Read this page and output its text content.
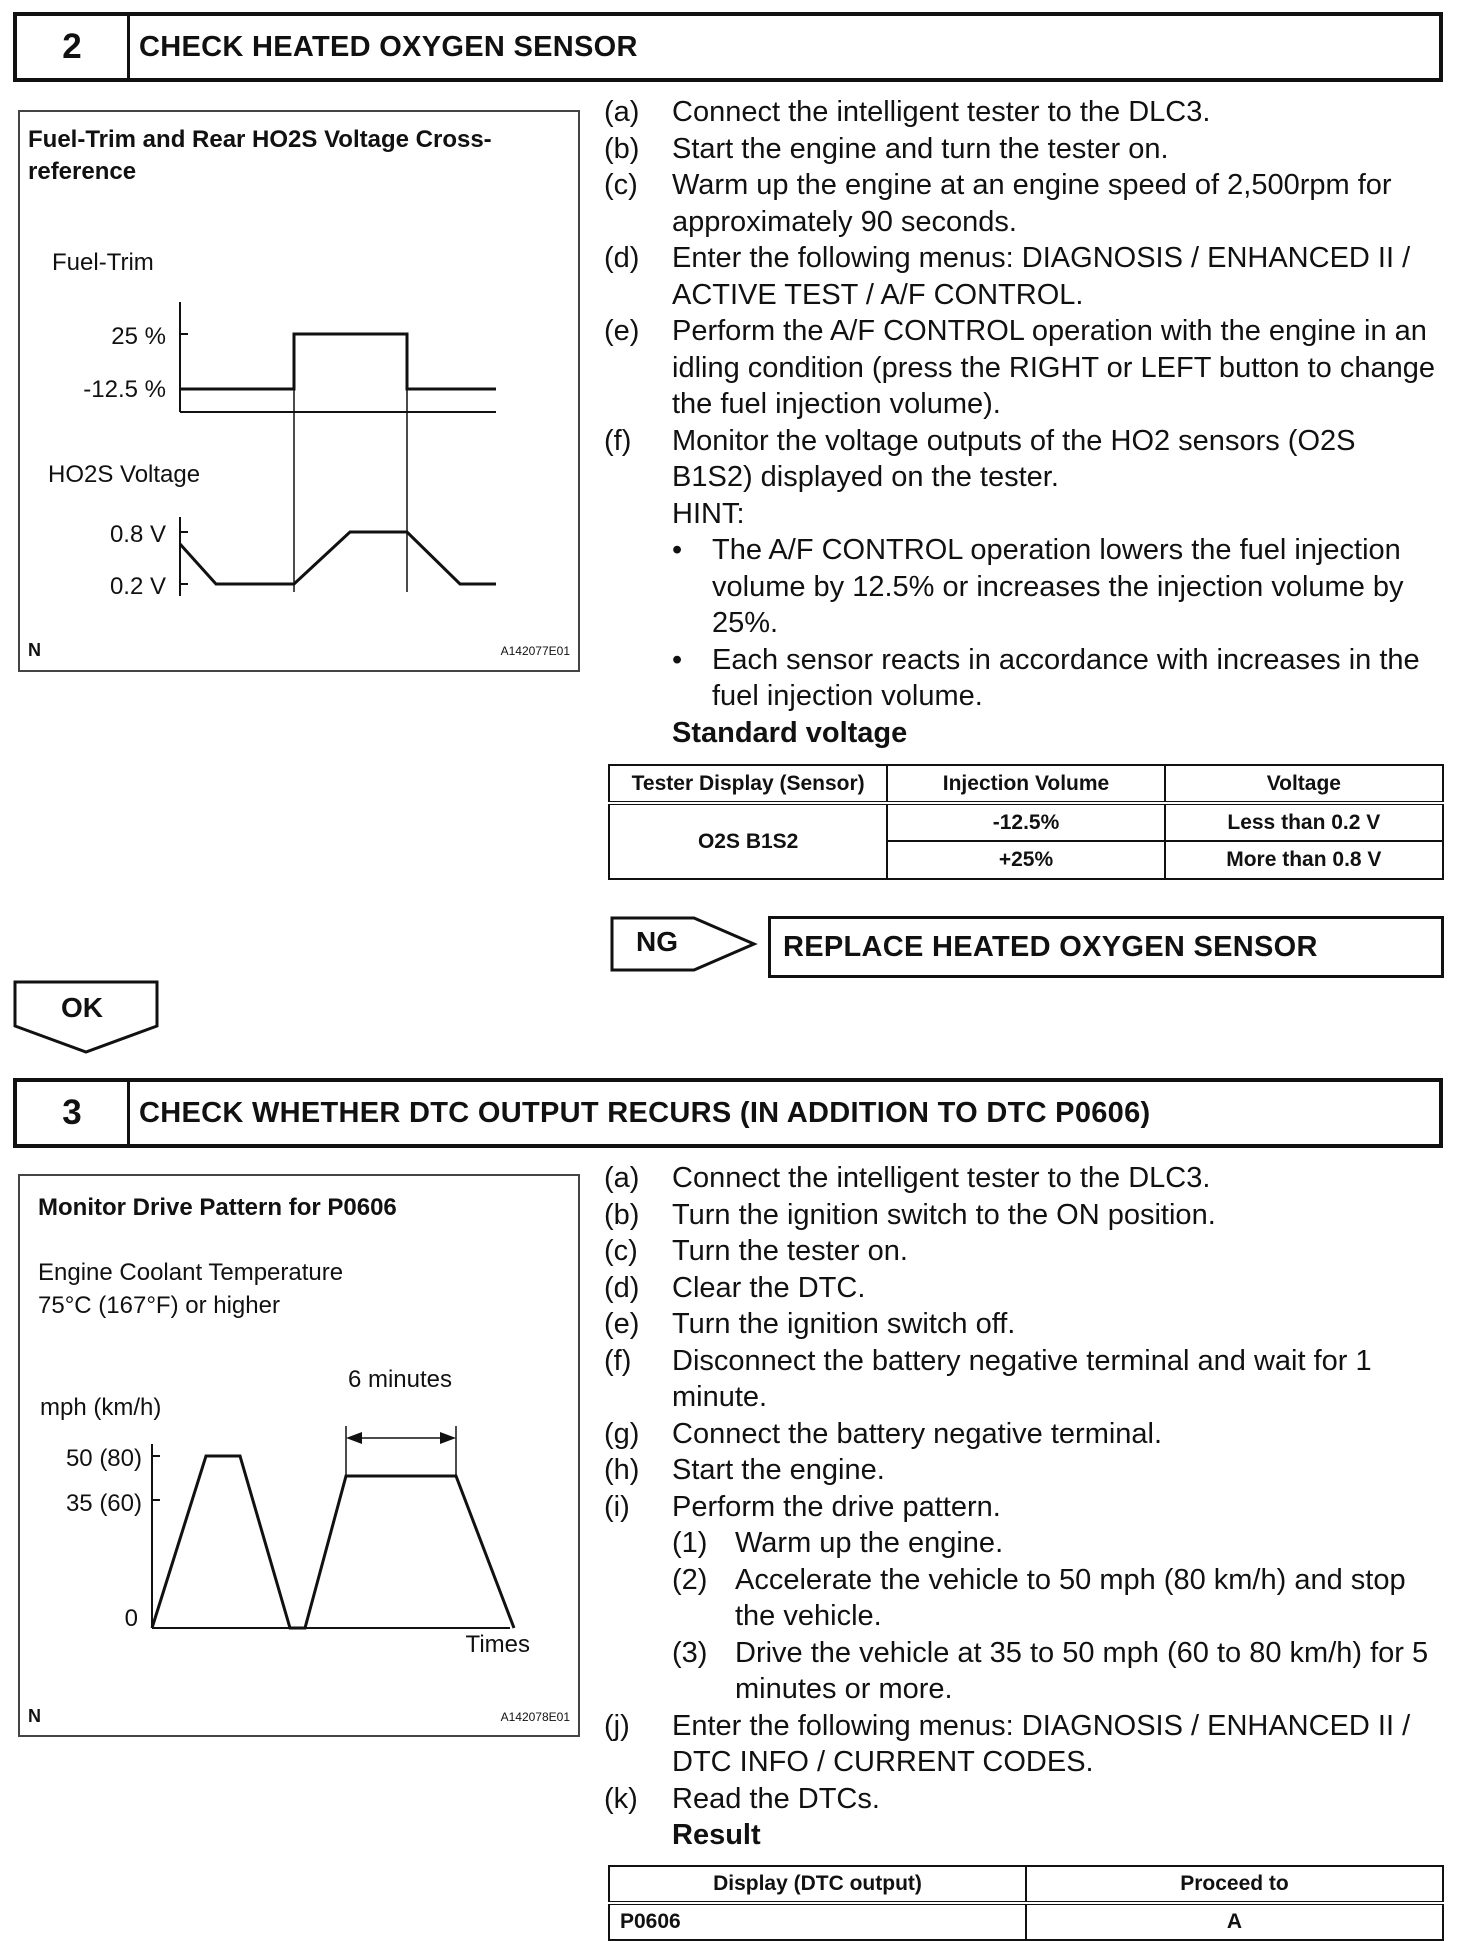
2	CHECK HEATED OXYGEN SENSOR
Fuel-Trim and Rear HO2S Voltage Cross-
reference
Fuel-Trim
25 %
-12.5 %
HO2S Voltage
0.8 V
0.2 V
N	A142077E01
(a) Connect the intelligent tester to the DLC3.
(b) Start the engine and turn the tester on.
(c) Warm up the engine at an engine speed of 2,500rpm for approximately 90 seconds.
(d) Enter the following menus: DIAGNOSIS / ENHANCED II / ACTIVE TEST / A/F CONTROL.
(e) Perform the A/F CONTROL operation with the engine in an idling condition (press the RIGHT or LEFT button to change the fuel injection volume).
(f) Monitor the voltage outputs of the HO2 sensors (O2S B1S2) displayed on the tester.
HINT:
• The A/F CONTROL operation lowers the fuel injection volume by 12.5% or increases the injection volume by 25%.
• Each sensor reacts in accordance with increases in the fuel injection volume.
Standard voltage
Tester Display (Sensor)	Injection Volume	Voltage
O2S B1S2	-12.5%	Less than 0.2 V
	+25%	More than 0.8 V
NG	REPLACE HEATED OXYGEN SENSOR
OK
3	CHECK WHETHER DTC OUTPUT RECURS (IN ADDITION TO DTC P0606)
Monitor Drive Pattern for P0606
Engine Coolant Temperature
75°C (167°F) or higher
6 minutes
mph (km/h)
50 (80)
35 (60)
0
Times
N	A142078E01
(a) Connect the intelligent tester to the DLC3.
(b) Turn the ignition switch to the ON position.
(c) Turn the tester on.
(d) Clear the DTC.
(e) Turn the ignition switch off.
(f) Disconnect the battery negative terminal and wait for 1 minute.
(g) Connect the battery negative terminal.
(h) Start the engine.
(i) Perform the drive pattern.
(1) Warm up the engine.
(2) Accelerate the vehicle to 50 mph (80 km/h) and stop the vehicle.
(3) Drive the vehicle at 35 to 50 mph (60 to 80 km/h) for 5 minutes or more.
(j) Enter the following menus: DIAGNOSIS / ENHANCED II / DTC INFO / CURRENT CODES.
(k) Read the DTCs.
Result
Display (DTC output)	Proceed to
P0606	A
